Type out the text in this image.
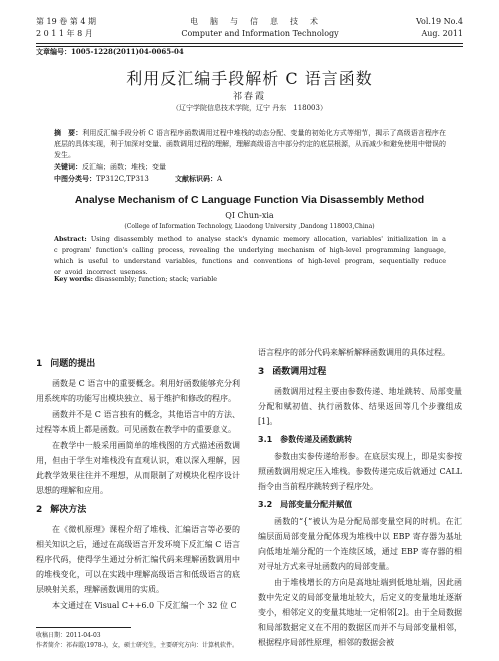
第 19 卷 第 4 期
2 0 1 1 年 8 月
电脑与信息技术
Computer and Information Technology
Vol.19 No.4
Aug. 2011
文章编号：1005-1228(2011)04-0065-04
利用反汇编手段解析 C 语言函数
祁春霞
（辽宁学院信息技术学院，辽宁 丹东　118003）
摘　要：利用反汇编手段分析 C 语言程序函数调用过程中堆栈的动态分配、变量的初始化方式等细节，揭示了高级语言程序在底层的具体实现，利于加深对变量、函数调用过程的理解，理解高级语言中部分约定的底层根源，从而减少和避免使用中错误的发生。
关键词：反汇编；函数；堆栈；变量
中图分类号：TP312C,TP313	文献标识码：A
Analyse Mechanism of C Language Function Via Disassembly Method
QI Chun-xia
(College of Information Technology, Liaodong University ,Dandong 118003,China)
Abstract: Using disassembly method to analyse stack's dynamic memory allocation, variables' initialization in a c program' function's calling process, revealing the underlying mechanism of high-level programming language, which is useful to understand variables, functions and conventions of high-level program, sequentially reduce or avoid incorrect useness.
Key words: disassembly; function; stack; variable
1 问题的提出

函数是 C 语言中的重要概念。利用好函数能够充分利用系统库的功能写出模块独立、易于维护和修改的程序。

函数并不是 C 语言独有的概念，其他语言中的方法、过程等本质上都是函数。可见函数在教学中的重要意义。

在教学中一般采用画简单的堆栈图的方式描述函数调用，但由于学生对堆栈没有直观认识，难以深入理解，因此教学效果往往并不理想，从而限制了对模块化程序设计思想的理解和应用。

2 解决方法

在《微机原理》课程介绍了堆栈、汇编语言等必要的相关知识之后，通过在高级语言开发环境下反汇编 C 语言程序代码，使得学生通过分析汇编代码来理解函数调用中的堆栈变化，可以在实践中理解高级语言和低级语言的底层映射关系，理解函数调用的实质。

本文通过在 Visual C++6.0 下反汇编一个 32 位 C

语言程序的部分代码来解析解释函数调用的具体过程。

3 函数调用过程

函数调用过程主要由参数传递、地址跳转、局部变量分配和赋初值、执行函数体、结果返回等几个步骤组成[1]。

3.1 参数传递及函数跳转

参数由实参传递给形参。在底层实现上，即是实参按照函数调用规定压入堆栈。参数传递完成后就通过 CALL 指令由当前程序跳转到子程序处。

3.2 局部变量分配并赋值

函数的“{”被认为是分配局部变量空间的时机。在汇编层面局部变量分配体现为堆栈中以 EBP 寄存器为基址向低地址端分配的一个连续区域，通过 EBP 寄存器的相对寻址方式来寻址函数内的局部变量。

由于堆栈增长的方向是高地址端到低地址端，因此函数中先定义的局部变量地址较大，后定义的变量地址逐渐变小，相邻定义的变量其地址一定相邻[2]。由于全局数据和局部数据定义在不用的数据区而并不与局部变量相邻，根据程序局部性原理，相邻的数据会被

收稿日期：2011-04-03
作者简介：祁春霞(1978-)，女，硕士研究生，主要研究方向：计算机软件。
